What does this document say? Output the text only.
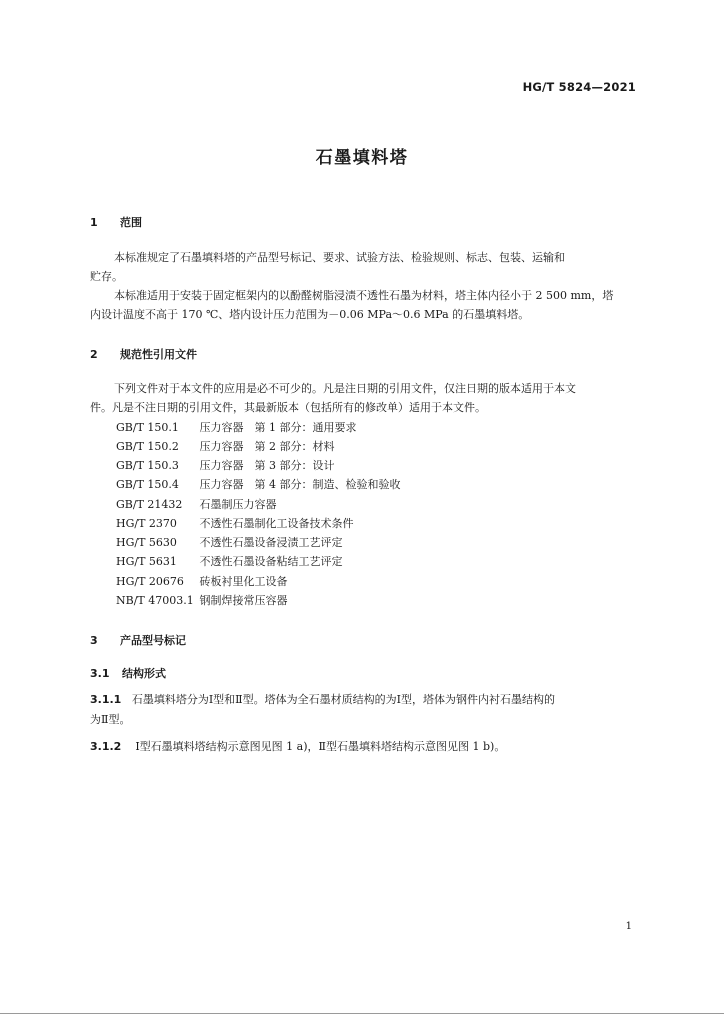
HG/T 5824—2021
石墨填料塔
1 范围
本标准规定了石墨填料塔的产品型号标记、要求、试验方法、检验规则、标志、包装、运输和
贮存。
本标准适用于安装于固定框架内的以酚醛树脂浸渍不透性石墨为材料，塔主体内径小于 2 500 mm，塔
内设计温度不高于 170 ℃、塔内设计压力范围为－0.06 MPa～0.6 MPa 的石墨填料塔。
2 规范性引用文件
下列文件对于本文件的应用是必不可少的。凡是注日期的引用文件，仅注日期的版本适用于本文
件。凡是不注日期的引用文件，其最新版本（包括所有的修改单）适用于本文件。
GB/T 150.1 压力容器　第 1 部分：通用要求
GB/T 150.2 压力容器　第 2 部分：材料
GB/T 150.3 压力容器　第 3 部分：设计
GB/T 150.4 压力容器　第 4 部分：制造、检验和验收
GB/T 21432 石墨制压力容器
HG/T 2370 不透性石墨制化工设备技术条件
HG/T 5630 不透性石墨设备浸渍工艺评定
HG/T 5631 不透性石墨设备粘结工艺评定
HG/T 20676 砖板衬里化工设备
NB/T 47003.1 钢制焊接常压容器
3 产品型号标记
3.1 结构形式
3.1.1 石墨填料塔分为Ⅰ型和Ⅱ型。塔体为全石墨材质结构的为Ⅰ型，塔体为钢件内衬石墨结构的
为Ⅱ型。
3.1.2 Ⅰ型石墨填料塔结构示意图见图 1 a)，Ⅱ型石墨填料塔结构示意图见图 1 b)。
1
